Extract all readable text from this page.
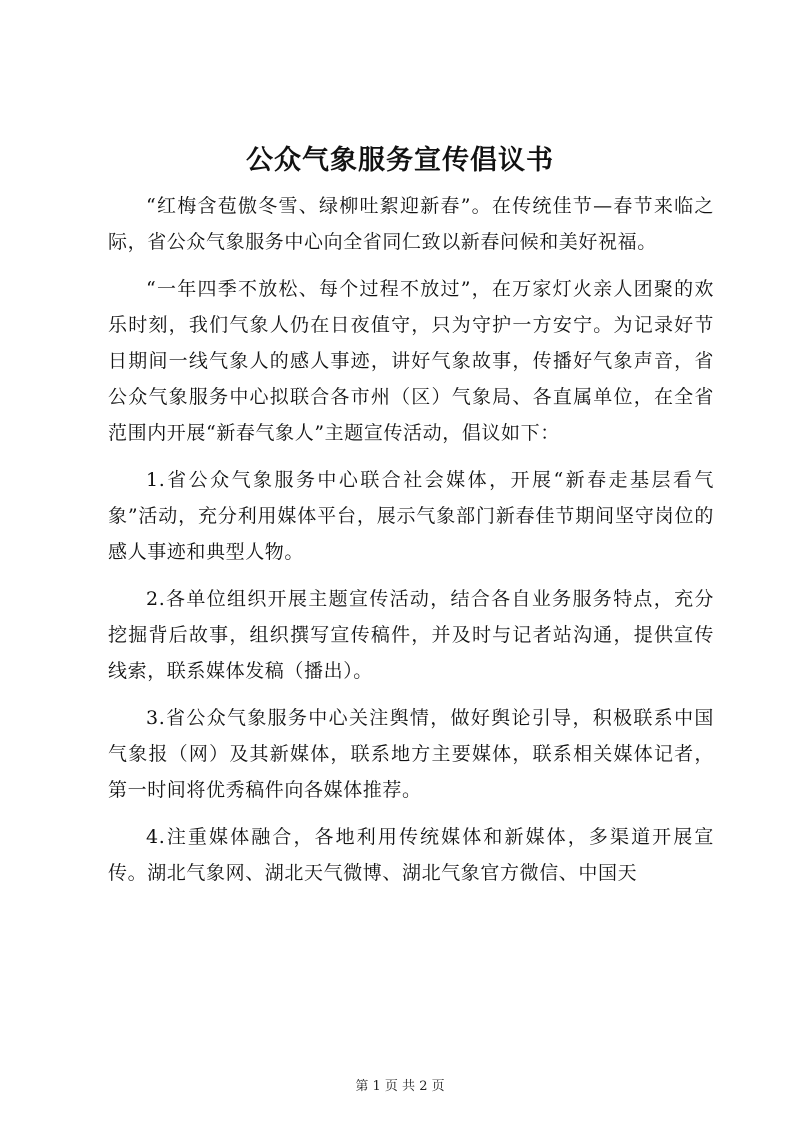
公众气象服务宣传倡议书

“红梅含苞傲冬雪、绿柳吐絮迎新春”。在传统佳节—春节来临之际，省公众气象服务中心向全省同仁致以新春问候和美好祝福。

“一年四季不放松、每个过程不放过”，在万家灯火亲人团聚的欢乐时刻，我们气象人仍在日夜值守，只为守护一方安宁。为记录好节日期间一线气象人的感人事迹，讲好气象故事，传播好气象声音，省公众气象服务中心拟联合各市州（区）气象局、各直属单位，在全省范围内开展“新春气象人”主题宣传活动，倡议如下：

1.省公众气象服务中心联合社会媒体，开展“新春走基层看气象”活动，充分利用媒体平台，展示气象部门新春佳节期间坚守岗位的感人事迹和典型人物。

2.各单位组织开展主题宣传活动，结合各自业务服务特点，充分挖掘背后故事，组织撰写宣传稿件，并及时与记者站沟通，提供宣传线索，联系媒体发稿（播出）。

3.省公众气象服务中心关注舆情，做好舆论引导，积极联系中国气象报（网）及其新媒体，联系地方主要媒体，联系相关媒体记者，第一时间将优秀稿件向各媒体推荐。

4.注重媒体融合，各地利用传统媒体和新媒体，多渠道开展宣传。湖北气象网、湖北天气微博、湖北气象官方微信、中国天

第 1 页 共 2 页
